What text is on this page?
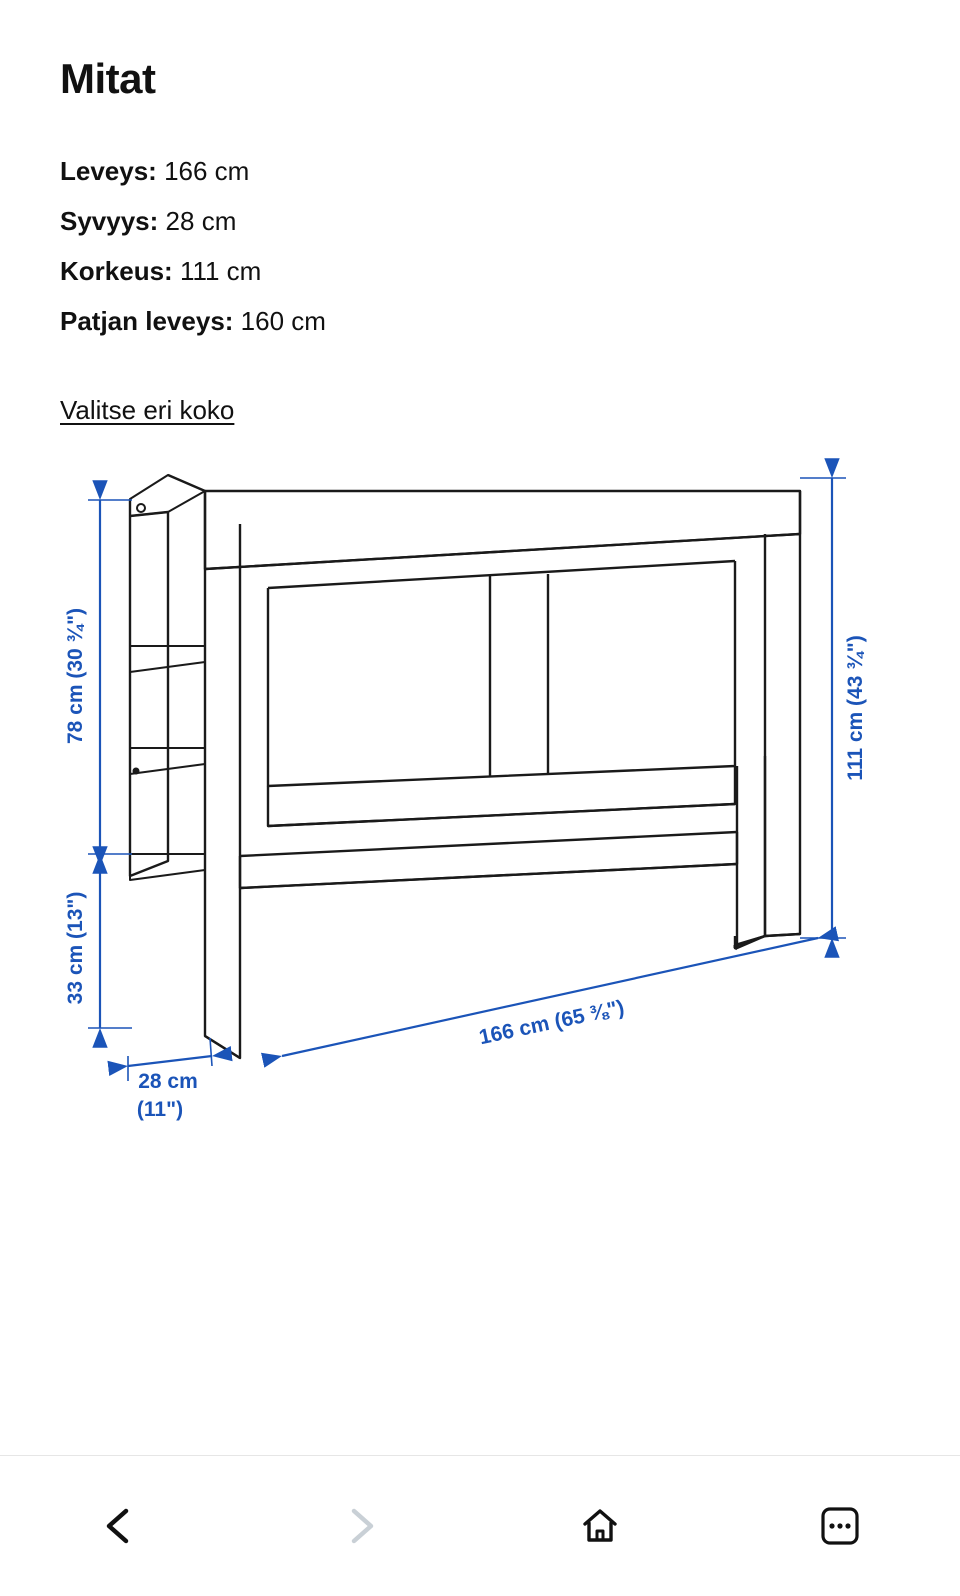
Mitat
Leveys: 166 cm
Syvyys: 28 cm
Korkeus: 111 cm
Patjan leveys: 160 cm
Valitse eri koko
78 cm (30 ¾")
33 cm (13")
111 cm (43 ¾")
166 cm (65 ⅜")
28 cm
(11")
